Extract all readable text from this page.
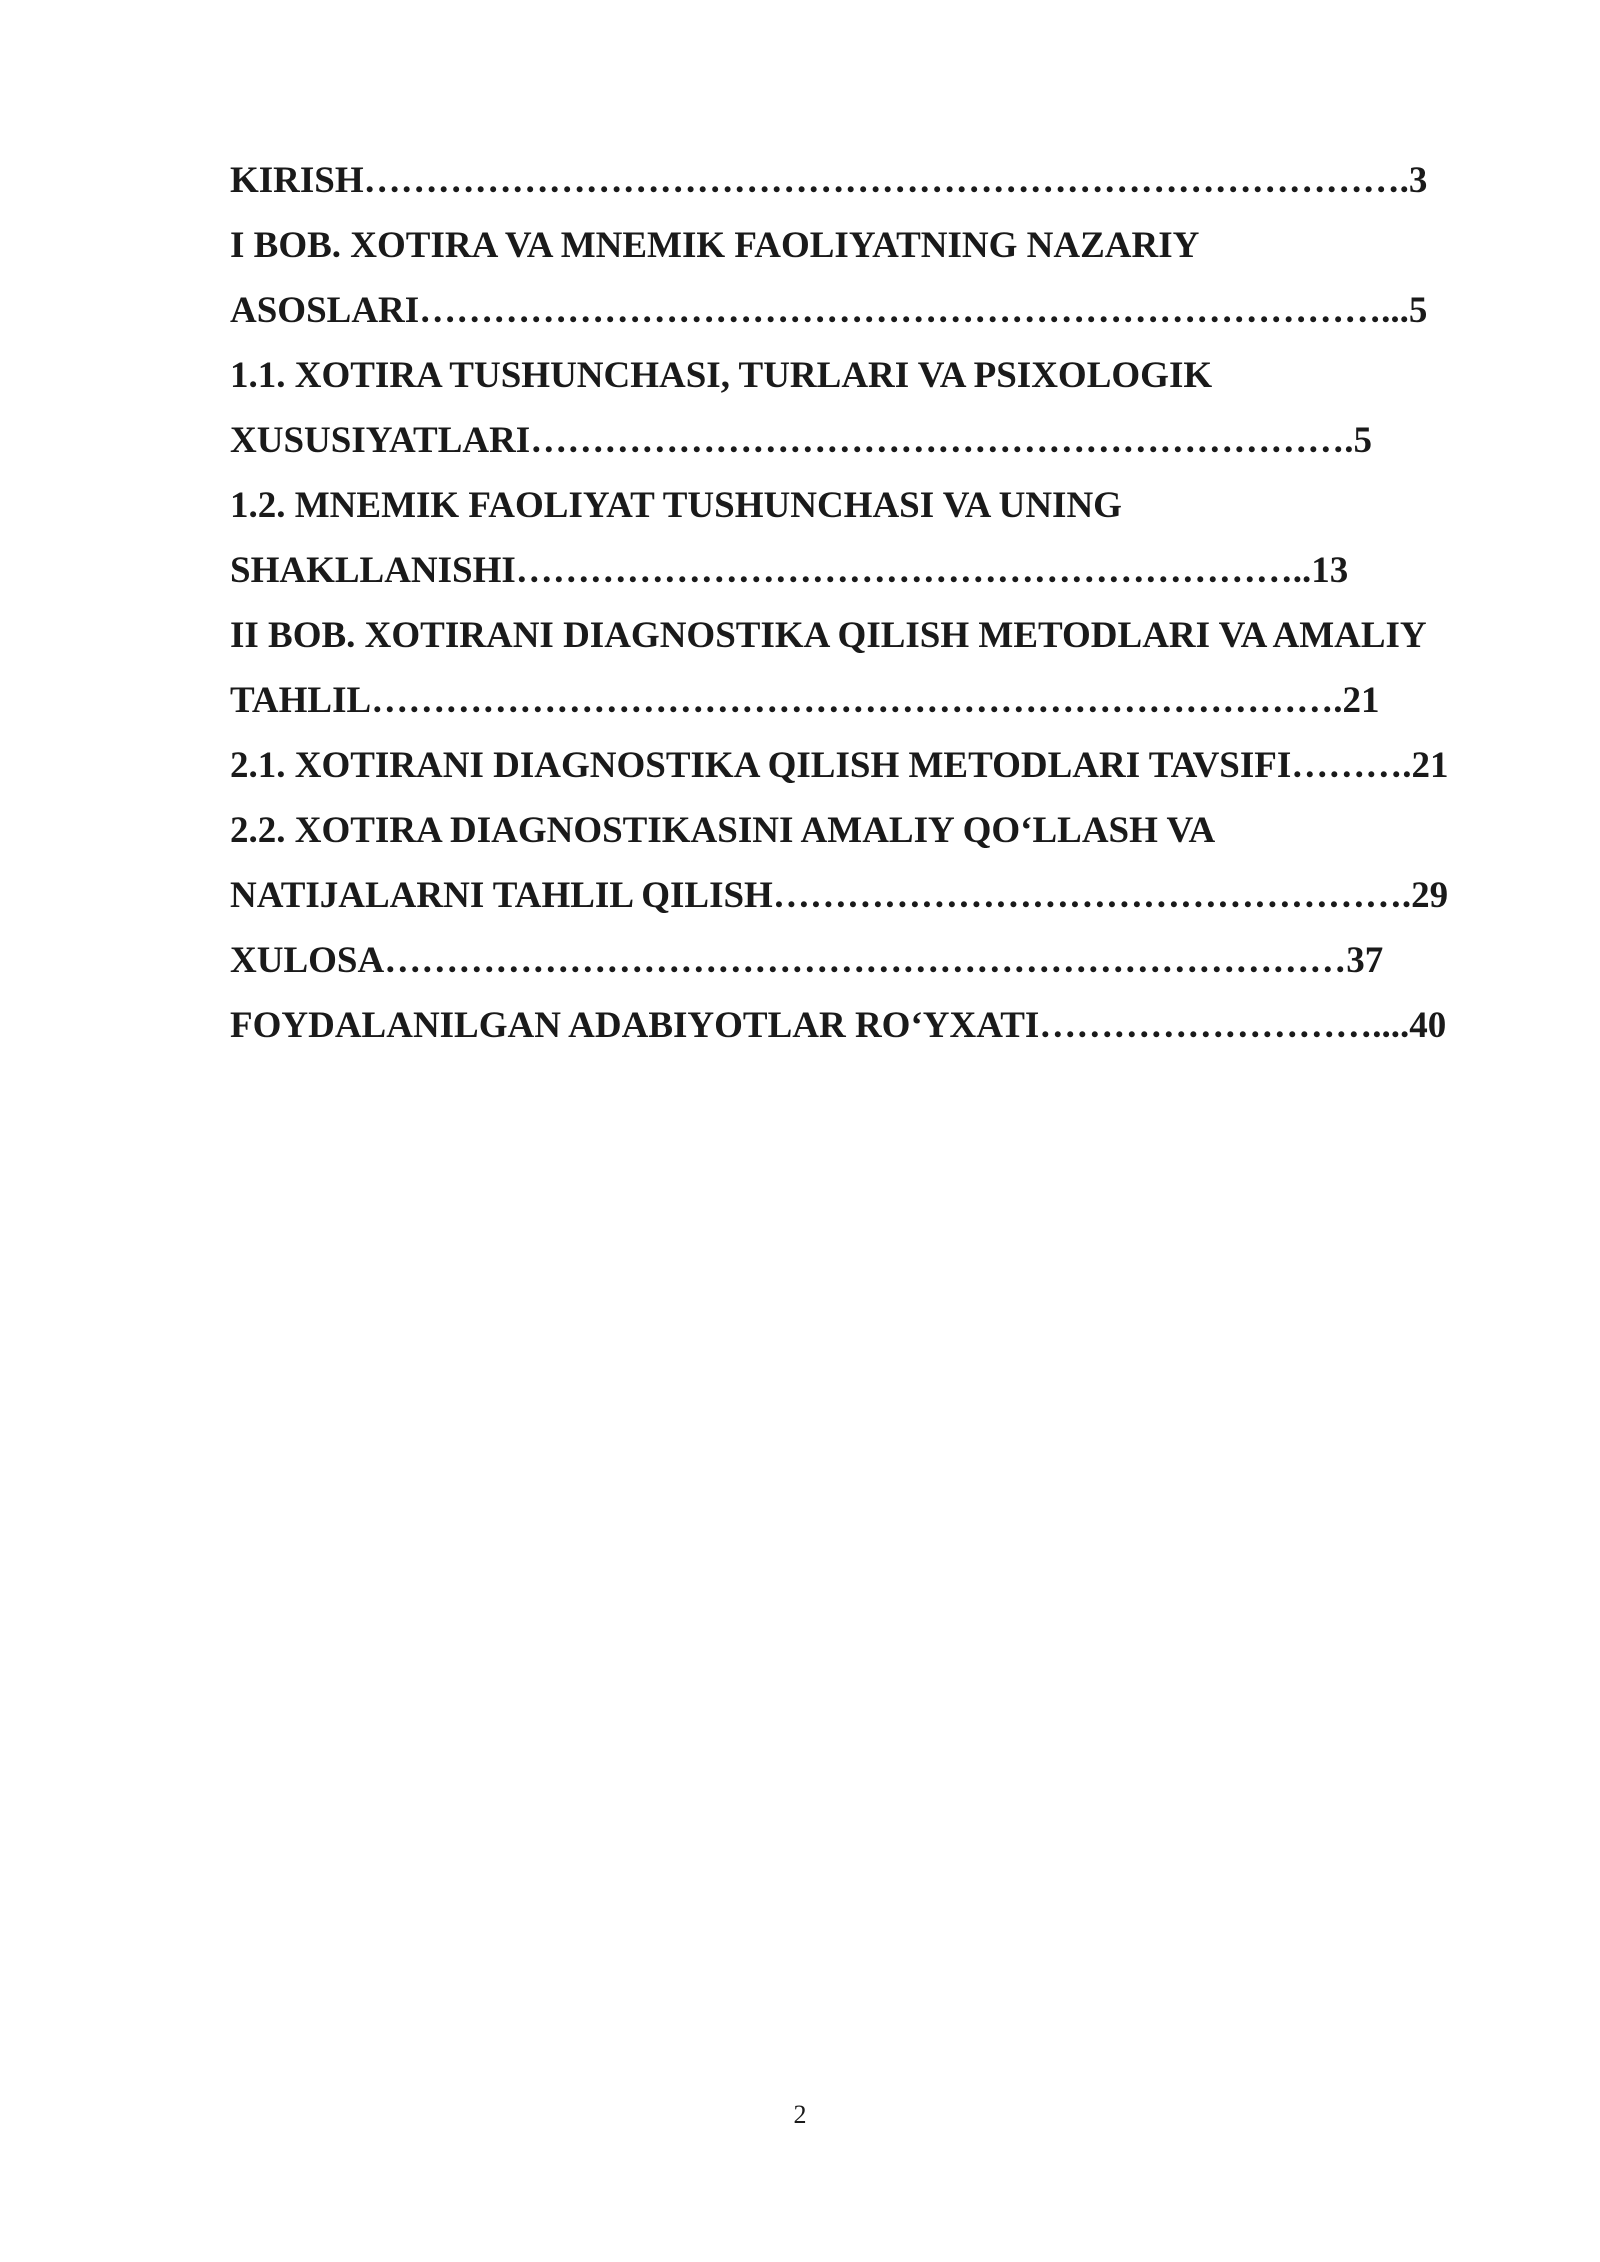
KIRISH………………………………………………………………………….3
I BOB. XOTIRA VA MNEMIK FAOLIYATNING NAZARIY
ASOSLARI……………………………………………………………………...5
1.1. XOTIRA TUSHUNCHASI, TURLARI VA PSIXOLOGIK
XUSUSIYATLARI………………………………………………………….5
1.2. MNEMIK FAOLIYAT TUSHUNCHASI VA UNING
SHAKLLANISHI………………………………………………………..13
II BOB. XOTIRANI DIAGNOSTIKA QILISH METODLARI VA AMALIY
TAHLIL…………………………………………………………………….21
2.1. XOTIRANI DIAGNOSTIKA QILISH METODLARI TAVSIFI……….21
2.2. XOTIRA DIAGNOSTIKASINI AMALIY QO‘LLASH VA
NATIJALARNI TAHLIL QILISH…………………………………………….29
XULOSA……………………………………………………………………37
FOYDALANILGAN ADABIYOTLAR RO‘YXATI………………………....40
2
